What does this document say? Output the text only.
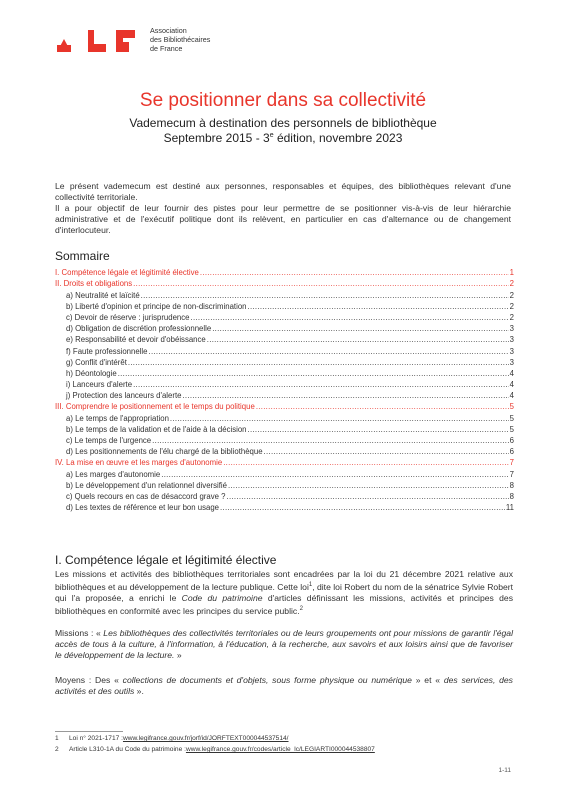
Association
des Bibliothécaires
de France
Se positionner dans sa collectivité
Vademecum à destination des personnels de bibliothèque
Septembre 2015 - 3e édition, novembre 2023

Le présent vademecum est destiné aux personnes, responsables et équipes, des bibliothèques relevant d'une collectivité territoriale.

Il a pour objectif de leur fournir des pistes pour leur permettre de se positionner vis-à-vis de leur hiérarchie administrative et de l'exécutif politique dont ils relèvent, en particulier en cas d'alternance ou de changement d'interlocuteur.

Sommaire
I. Compétence légale et légitimité élective .....	1
II. Droits et obligations .....	2
a) Neutralité et laïcité .....	2
b) Liberté d'opinion et principe de non-discrimination .....	2
c) Devoir de réserve : jurisprudence .....	2
d) Obligation de discrétion professionnelle .....	3
e) Responsabilité et devoir d'obéissance .....	3
f) Faute professionnelle .....	3
g) Conflit d'intérêt .....	3
h) Déontologie .....	4
i) Lanceurs d'alerte .....	4
j) Protection des lanceurs d'alerte .....	4
III. Comprendre le positionnement et le temps du politique .....	5
a) Le temps de l'appropriation .....	5
b) Le temps de la validation et de l'aide à la décision .....	5
c) Le temps de l'urgence .....	6
d) Les positionnements de l'élu chargé de la bibliothèque .....	6
IV. La mise en œuvre et les marges d'autonomie .....	7
a) Les marges d'autonomie .....	7
b) Le développement d'un relationnel diversifié .....	8
c) Quels recours en cas de désaccord grave ? .....	8
d) Les textes de référence et leur bon usage .....	11
I. Compétence légale et légitimité élective

Les missions et activités des bibliothèques territoriales sont encadrées par la loi du 21 décembre 2021 relative aux bibliothèques et au développement de la lecture publique. Cette loi$^1$, dite loi Robert du nom de la sénatrice Sylvie Robert qui l'a proposée, a enrichi le Code du patrimoine d'articles définissant les missions, activités et principes des bibliothèques en conformité avec les principes du service public.$^2$

Missions : « Les bibliothèques des collectivités territoriales ou de leurs groupements ont pour missions de garantir l'égal accès de tous à la culture, à l'information, à l'éducation, à la recherche, aux savoirs et aux loisirs ainsi que de favoriser le développement de la lecture. »

Moyens : Des « collections de documents et d'objets, sous forme physique ou numérique » et « des services, des activités et des outils ».

1	Loi n° 2021-1717 : www.legifrance.gouv.fr/jorf/id/JORFTEXT000044537514/
2	Article L310-1A du Code du patrimoine : www.legifrance.gouv.fr/codes/article_lc/LEGIARTI000044538807
1-11
